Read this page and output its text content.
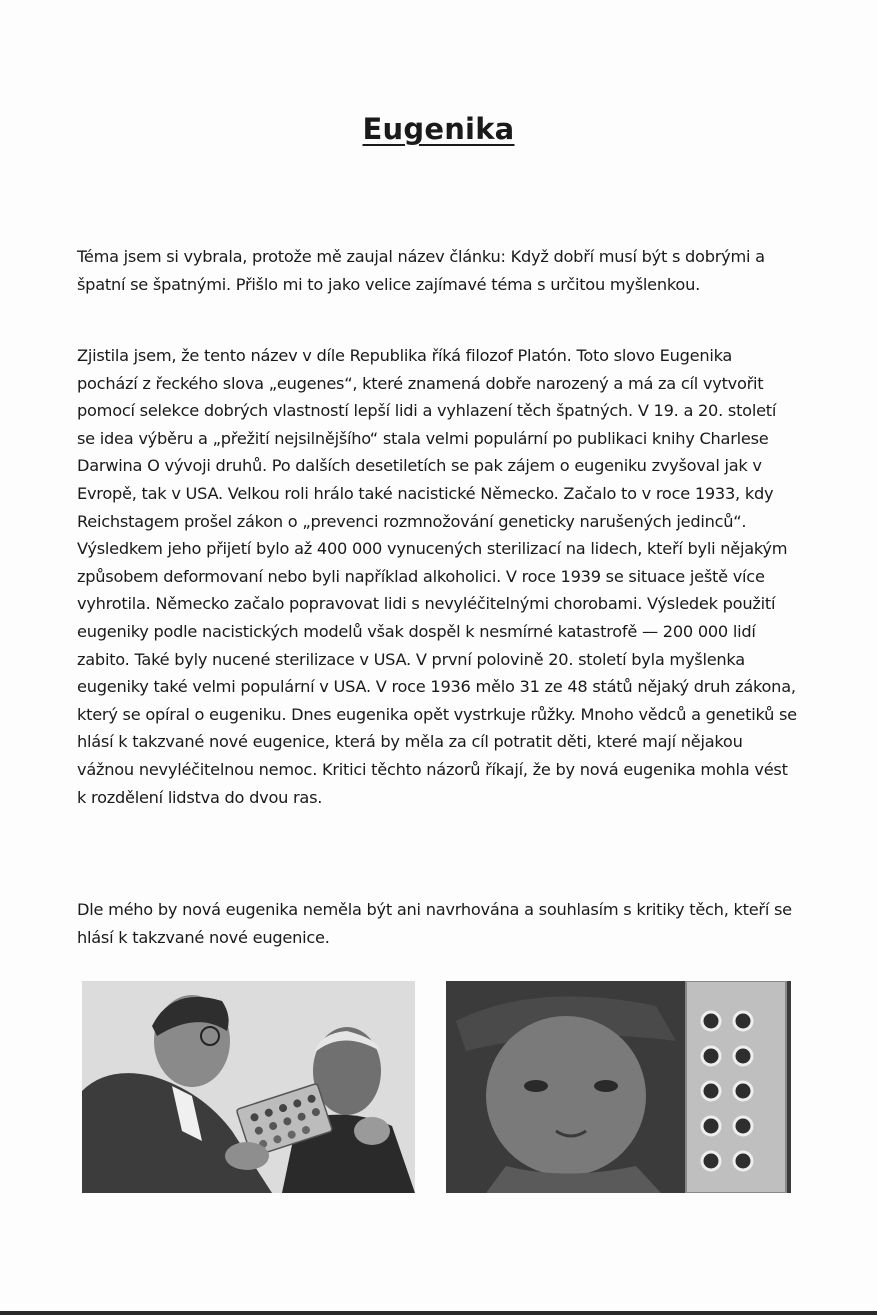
Eugenika

Téma jsem si vybrala, protože mě zaujal název článku: Když dobří musí být s dobrými a špatní se špatnými. Přišlo mi to jako velice zajímavé téma s určitou myšlenkou.

Zjistila jsem, že tento název v díle Republika říká filozof Platón. Toto slovo Eugenika pochází z řeckého slova „eugenes“, které znamená dobře narozený a má za cíl vytvořit pomocí selekce dobrých vlastností lepší lidi a vyhlazení těch špatných. V 19. a 20. století se idea výběru a „přežití nejsilnějšího“ stala velmi populární po publikaci knihy Charlese Darwina O vývoji druhů. Po dalších desetiletích se pak zájem o eugeniku zvyšoval jak v Evropě, tak v USA. Velkou roli hrálo také nacistické Německo. Začalo to v roce 1933, kdy Reichstagem prošel zákon o „prevenci rozmnožování geneticky narušených jedinců“. Výsledkem jeho přijetí bylo až 400 000 vynucených sterilizací na lidech, kteří byli nějakým způsobem deformovaní nebo byli například alkoholici. V roce 1939 se situace ještě více vyhrotila. Německo začalo popravovat lidi s nevyléčitelnými chorobami. Výsledek použití eugeniky podle nacistických modelů však dospěl k nesmírné katastrofě — 200 000 lidí zabito. Také byly nucené sterilizace v USA. V první polovině 20. století byla myšlenka eugeniky také velmi populární v USA. V roce 1936 mělo 31 ze 48 států nějaký druh zákona, který se opíral o eugeniku. Dnes eugenika opět vystrkuje růžky. Mnoho vědců a genetiků se hlásí k takzvané nové eugenice, která by měla za cíl potratit děti, které mají nějakou vážnou nevyléčitelnou nemoc. Kritici těchto názorů říkají, že by nová eugenika mohla vést k rozdělení lidstva do dvou ras.

Dle mého by nová eugenika neměla být ani navrhována a souhlasím s kritiky těch, kteří se hlásí k takzvané nové eugenice.
